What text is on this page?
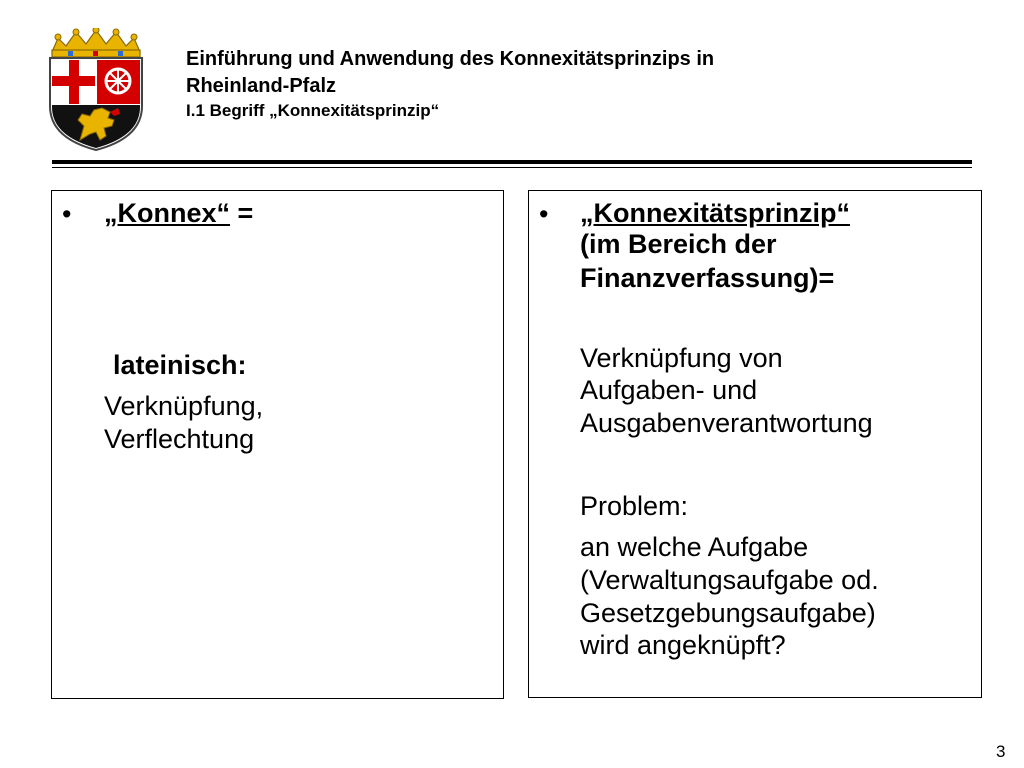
Einführung und Anwendung des Konnexitätsprinzips in

Rheinland-Pfalz

I.1 Begriff „Konnexitätsprinzip“

• „Konnex“ =
lateinisch:
Verknüpfung,
Verflechtung
• „Konnexitätsprinzip“
(im Bereich der
Finanzverfassung)=
Verknüpfung von
Aufgaben- und
Ausgabenverantwortung
Problem:
an welche Aufgabe
(Verwaltungsaufgabe od.
Gesetzgebungsaufgabe)
wird angeknüpft?
3
